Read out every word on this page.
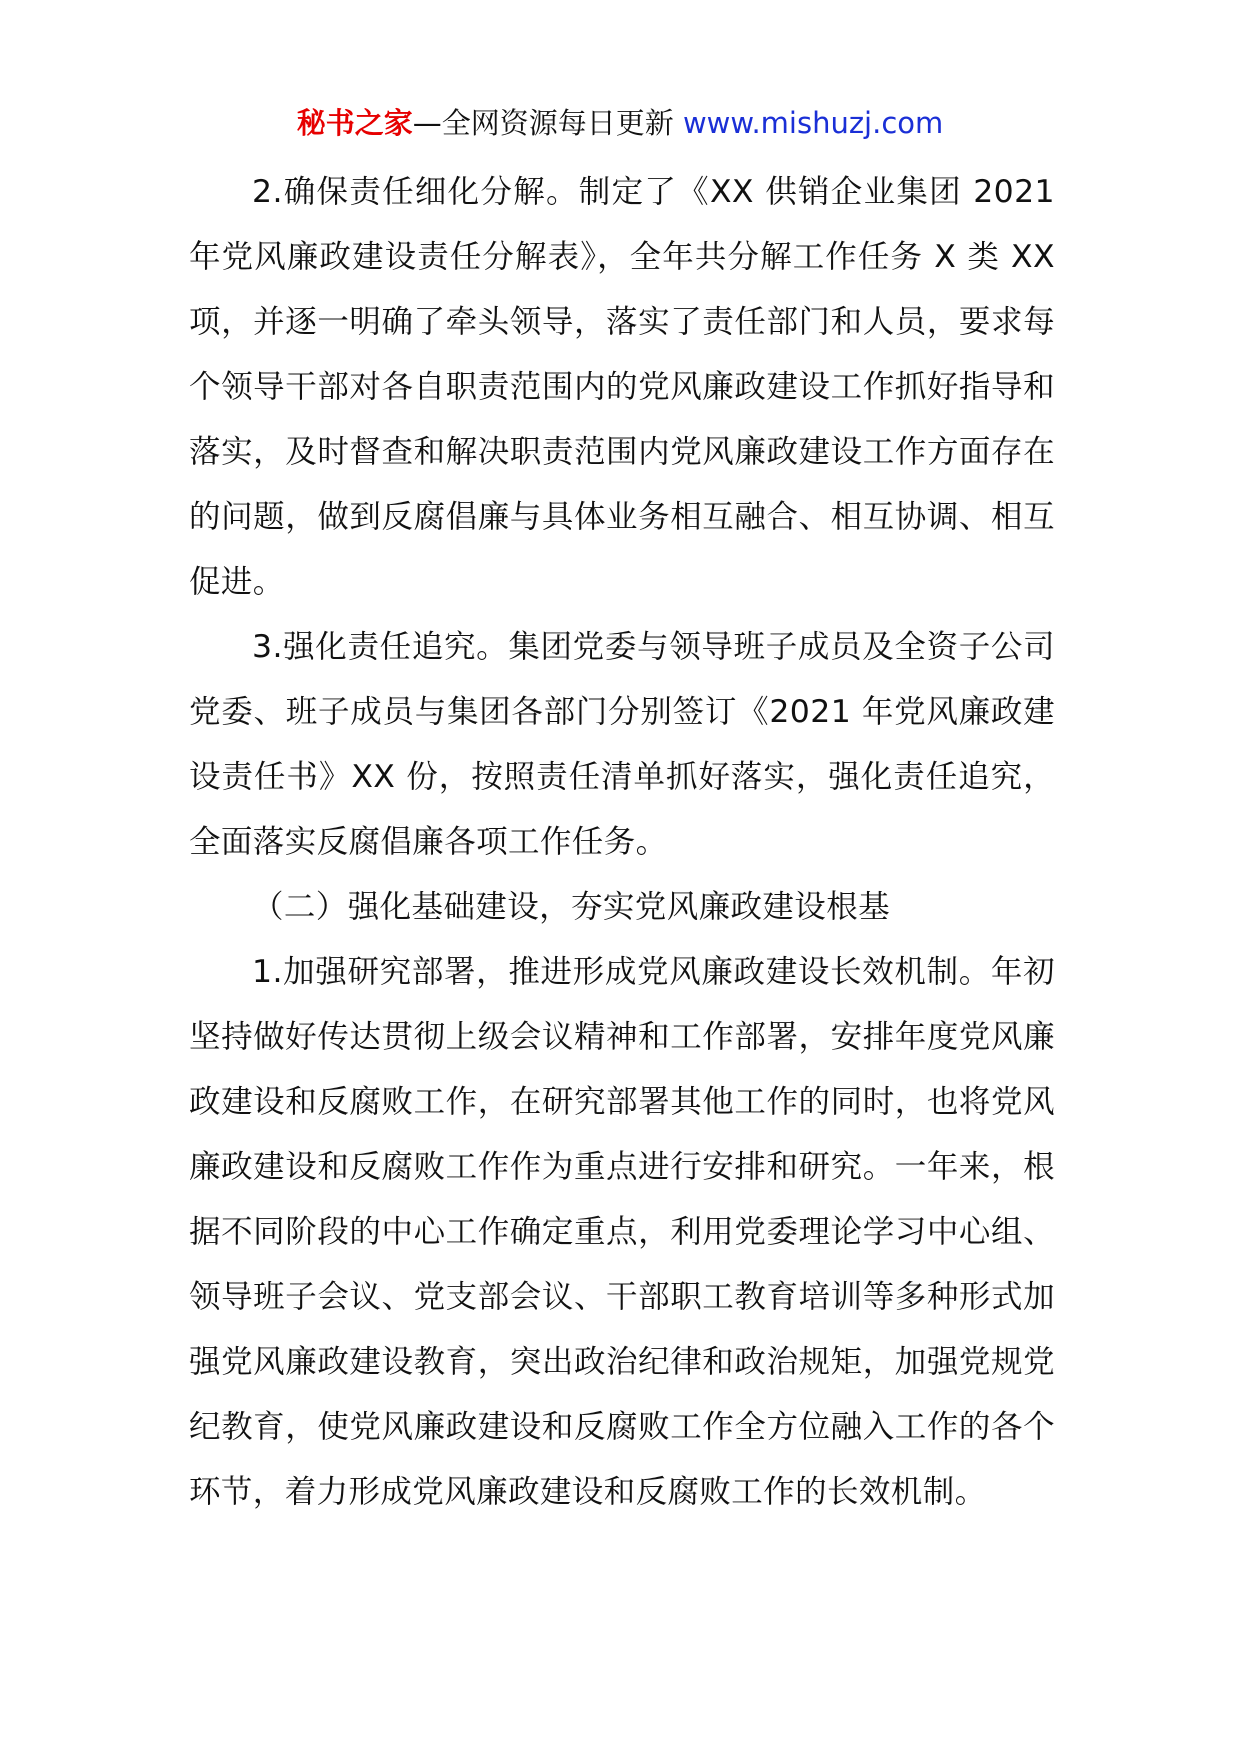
秘书之家—全网资源每日更新 www.mishuzj.com

2.确保责任细化分解。制定了《XX 供销企业集团 2021 年党风廉政建设责任分解表》，全年共分解工作任务 X 类 XX 项，并逐一明确了牵头领导，落实了责任部门和人员，要求每个领导干部对各自职责范围内的党风廉政建设工作抓好指导和落实，及时督查和解决职责范围内党风廉政建设工作方面存在的问题，做到反腐倡廉与具体业务相互融合、相互协调、相互促进。

3.强化责任追究。集团党委与领导班子成员及全资子公司党委、班子成员与集团各部门分别签订《2021 年党风廉政建设责任书》XX 份，按照责任清单抓好落实，强化责任追究，全面落实反腐倡廉各项工作任务。

（二）强化基础建设，夯实党风廉政建设根基

1.加强研究部署，推进形成党风廉政建设长效机制。年初坚持做好传达贯彻上级会议精神和工作部署，安排年度党风廉政建设和反腐败工作，在研究部署其他工作的同时，也将党风廉政建设和反腐败工作作为重点进行安排和研究。一年来，根据不同阶段的中心工作确定重点，利用党委理论学习中心组、领导班子会议、党支部会议、干部职工教育培训等多种形式加强党风廉政建设教育，突出政治纪律和政治规矩，加强党规党纪教育，使党风廉政建设和反腐败工作全方位融入工作的各个环节，着力形成党风廉政建设和反腐败工作的长效机制。
